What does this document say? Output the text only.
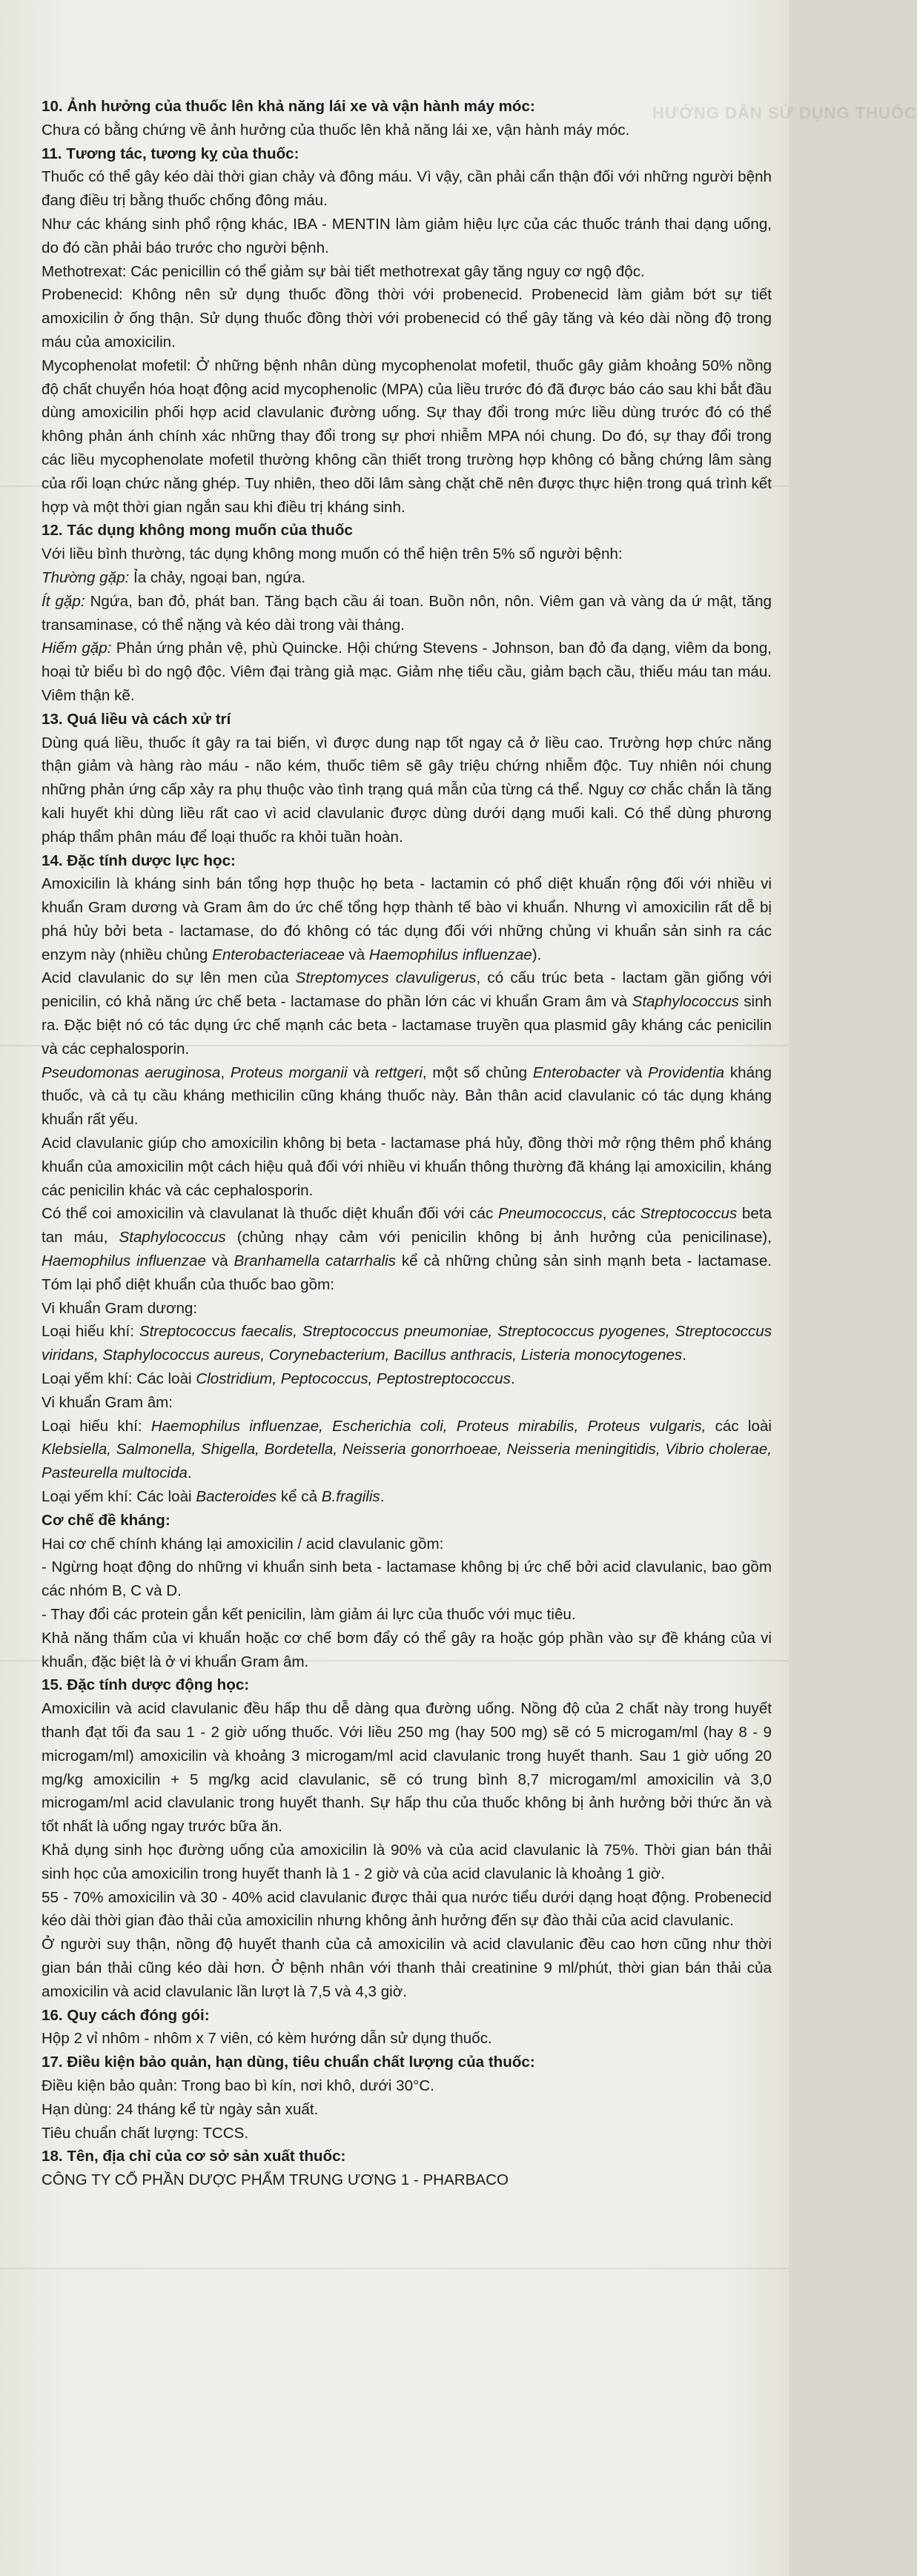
10. Ảnh hưởng của thuốc lên khả năng lái xe và vận hành máy móc:

Chưa có bằng chứng về ảnh hưởng của thuốc lên khả năng lái xe, vận hành máy móc.

11. Tương tác, tương kỵ của thuốc:

Thuốc có thể gây kéo dài thời gian chảy và đông máu. Vì vậy, cần phải cẩn thận đối với những người bệnh đang điều trị bằng thuốc chống đông máu.

Như các kháng sinh phổ rộng khác, IBA - MENTIN làm giảm hiệu lực của các thuốc tránh thai dạng uống, do đó cần phải báo trước cho người bệnh.

Methotrexat: Các penicillin có thể giảm sự bài tiết methotrexat gây tăng nguy cơ ngộ độc.

Probenecid: Không nên sử dụng thuốc đồng thời với probenecid. Probenecid làm giảm bớt sự tiết amoxicilin ở ống thận. Sử dụng thuốc đồng thời với probenecid có thể gây tăng và kéo dài nồng độ trong máu của amoxicilin.

Mycophenolat mofetil: Ở những bệnh nhân dùng mycophenolat mofetil, thuốc gây giảm khoảng 50% nồng độ chất chuyển hóa hoạt động acid mycophenolic (MPA) của liều trước đó đã được báo cáo sau khi bắt đầu dùng amoxicilin phối hợp acid clavulanic đường uống. Sự thay đổi trong mức liều dùng trước đó có thể không phản ánh chính xác những thay đổi trong sự phơi nhiễm MPA nói chung. Do đó, sự thay đổi trong các liều mycophenolate mofetil thường không cần thiết trong trường hợp không có bằng chứng lâm sàng của rối loạn chức năng ghép. Tuy nhiên, theo dõi lâm sàng chặt chẽ nên được thực hiện trong quá trình kết hợp và một thời gian ngắn sau khi điều trị kháng sinh.

12. Tác dụng không mong muốn của thuốc

Với liều bình thường, tác dụng không mong muốn có thể hiện trên 5% số người bệnh:

Thường gặp: Ỉa chảy, ngoại ban, ngứa.

Ít gặp: Ngứa, ban đỏ, phát ban. Tăng bạch cầu ái toan. Buồn nôn, nôn. Viêm gan và vàng da ứ mật, tăng transaminase, có thể nặng và kéo dài trong vài tháng.

Hiếm gặp: Phản ứng phản vệ, phù Quincke. Hội chứng Stevens - Johnson, ban đỏ đa dạng, viêm da bong, hoại tử biểu bì do ngộ độc. Viêm đại tràng giả mạc. Giảm nhẹ tiểu cầu, giảm bạch cầu, thiếu máu tan máu. Viêm thận kẽ.

13. Quá liều và cách xử trí

Dùng quá liều, thuốc ít gây ra tai biến, vì được dung nạp tốt ngay cả ở liều cao. Trường hợp chức năng thận giảm và hàng rào máu - não kém, thuốc tiêm sẽ gây triệu chứng nhiễm độc. Tuy nhiên nói chung những phản ứng cấp xảy ra phụ thuộc vào tình trạng quá mẫn của từng cá thể. Nguy cơ chắc chắn là tăng kali huyết khi dùng liều rất cao vì acid clavulanic được dùng dưới dạng muối kali. Có thể dùng phương pháp thẩm phân máu để loại thuốc ra khỏi tuần hoàn.

14. Đặc tính dược lực học:

Amoxicilin là kháng sinh bán tổng hợp thuộc họ beta - lactamin có phổ diệt khuẩn rộng đối với nhiều vi khuẩn Gram dương và Gram âm do ức chế tổng hợp thành tế bào vi khuẩn. Nhưng vì amoxicilin rất dễ bị phá hủy bởi beta - lactamase, do đó không có tác dụng đối với những chủng vi khuẩn sản sinh ra các enzym này (nhiều chủng Enterobacteriaceae và Haemophilus influenzae).

Acid clavulanic do sự lên men của Streptomyces clavuligerus, có cấu trúc beta - lactam gần giống với penicilin, có khả năng ức chế beta - lactamase do phần lớn các vi khuẩn Gram âm và Staphylococcus sinh ra. Đặc biệt nó có tác dụng ức chế mạnh các beta - lactamase truyền qua plasmid gây kháng các penicilin và các cephalosporin.

Pseudomonas aeruginosa, Proteus morganii và rettgeri, một số chủng Enterobacter và Providentia kháng thuốc, và cả tụ cầu kháng methicilin cũng kháng thuốc này. Bản thân acid clavulanic có tác dụng kháng khuẩn rất yếu.

Acid clavulanic giúp cho amoxicilin không bị beta - lactamase phá hủy, đồng thời mở rộng thêm phổ kháng khuẩn của amoxicilin một cách hiệu quả đối với nhiều vi khuẩn thông thường đã kháng lại amoxicilin, kháng các penicilin khác và các cephalosporin.

Có thể coi amoxicilin và clavulanat là thuốc diệt khuẩn đối với các Pneumococcus, các Streptococcus beta tan máu, Staphylococcus (chủng nhạy cảm với penicilin không bị ảnh hưởng của penicilinase), Haemophilus influenzae và Branhamella catarrhalis kể cả những chủng sản sinh mạnh beta - lactamase. Tóm lại phổ diệt khuẩn của thuốc bao gồm:

Vi khuẩn Gram dương:

Loại hiếu khí: Streptococcus faecalis, Streptococcus pneumoniae, Streptococcus pyogenes, Streptococcus viridans, Staphylococcus aureus, Corynebacterium, Bacillus anthracis, Listeria monocytogenes.

Loại yếm khí: Các loài Clostridium, Peptococcus, Peptostreptococcus.

Vi khuẩn Gram âm:

Loại hiếu khí: Haemophilus influenzae, Escherichia coli, Proteus mirabilis, Proteus vulgaris, các loài Klebsiella, Salmonella, Shigella, Bordetella, Neisseria gonorrhoeae, Neisseria meningitidis, Vibrio cholerae, Pasteurella multocida.

Loại yếm khí: Các loài Bacteroides kể cả B.fragilis.

Cơ chế đề kháng:

Hai cơ chế chính kháng lại amoxicilin / acid clavulanic gồm:

- Ngừng hoạt động do những vi khuẩn sinh beta - lactamase không bị ức chế bởi acid clavulanic, bao gồm các nhóm B, C và D.

- Thay đổi các protein gắn kết penicilin, làm giảm ái lực của thuốc với mục tiêu.

Khả năng thấm của vi khuẩn hoặc cơ chế bơm đẩy có thể gây ra hoặc góp phần vào sự đề kháng của vi khuẩn, đặc biệt là ở vi khuẩn Gram âm.

15. Đặc tính dược động học:

Amoxicilin và acid clavulanic đều hấp thu dễ dàng qua đường uống. Nồng độ của 2 chất này trong huyết thanh đạt tối đa sau 1 - 2 giờ uống thuốc. Với liều 250 mg (hay 500 mg) sẽ có 5 microgam/ml (hay 8 - 9 microgam/ml) amoxicilin và khoảng 3 microgam/ml acid clavulanic trong huyết thanh. Sau 1 giờ uống 20 mg/kg amoxicilin + 5 mg/kg acid clavulanic, sẽ có trung bình 8,7 microgam/ml amoxicilin và 3,0 microgam/ml acid clavulanic trong huyết thanh. Sự hấp thu của thuốc không bị ảnh hưởng bởi thức ăn và tốt nhất là uống ngay trước bữa ăn.

Khả dụng sinh học đường uống của amoxicilin là 90% và của acid clavulanic là 75%. Thời gian bán thải sinh học của amoxicilin trong huyết thanh là 1 - 2 giờ và của acid clavulanic là khoảng 1 giờ.

55 - 70% amoxicilin và 30 - 40% acid clavulanic được thải qua nước tiểu dưới dạng hoạt động. Probenecid kéo dài thời gian đào thải của amoxicilin nhưng không ảnh hưởng đến sự đào thải của acid clavulanic.

Ở người suy thận, nồng độ huyết thanh của cả amoxicilin và acid clavulanic đều cao hơn cũng như thời gian bán thải cũng kéo dài hơn. Ở bệnh nhân với thanh thải creatinine 9 ml/phút, thời gian bán thải của amoxicilin và acid clavulanic lần lượt là 7,5 và 4,3 giờ.

16. Quy cách đóng gói:

Hộp 2 vỉ nhôm - nhôm x 7 viên, có kèm hướng dẫn sử dụng thuốc.

17. Điều kiện bảo quản, hạn dùng, tiêu chuẩn chất lượng của thuốc:

Điều kiện bảo quản: Trong bao bì kín, nơi khô, dưới 30°C.

Hạn dùng: 24 tháng kể từ ngày sản xuất.

Tiêu chuẩn chất lượng: TCCS.

18. Tên, địa chỉ của cơ sở sản xuất thuốc:

CÔNG TY CỔ PHẦN DƯỢC PHẨM TRUNG ƯƠNG 1 - PHARBACO

HƯỚNG DẪN SỬ DỤNG THUỐC
